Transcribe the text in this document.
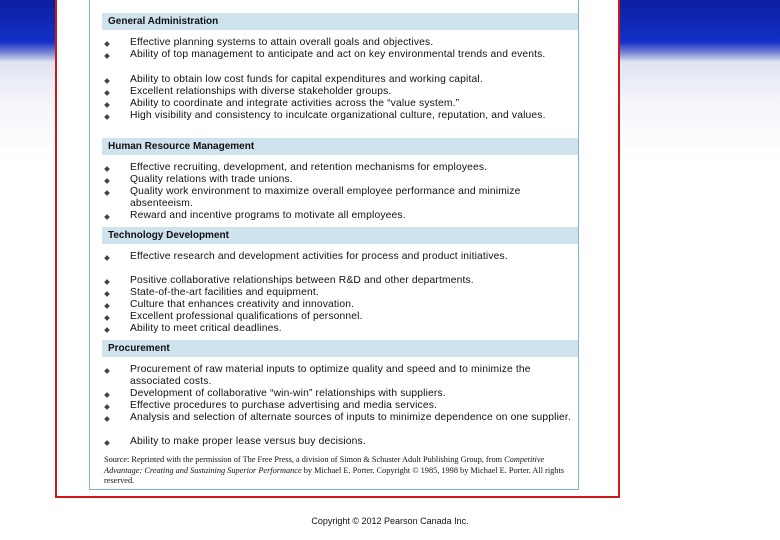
General Administration
Effective planning systems to attain overall goals and objectives.
Ability of top management to anticipate and act on key environmental trends and events.
Ability to obtain low cost funds for capital expenditures and working capital.
Excellent relationships with diverse stakeholder groups.
Ability to coordinate and integrate activities across the “value system.”
High visibility and consistency to inculcate organizational culture, reputation, and values.
Human Resource Management
Effective recruiting, development, and retention mechanisms for employees.
Quality relations with trade unions.
Quality work environment to maximize overall employee performance and minimize absenteeism.
Reward and incentive programs to motivate all employees.
Technology Development
Effective research and development activities for process and product initiatives.
Positive collaborative relationships between R&D and other departments.
State-of-the-art facilities and equipment.
Culture that enhances creativity and innovation.
Excellent professional qualifications of personnel.
Ability to meet critical deadlines.
Procurement
Procurement of raw material inputs to optimize quality and speed and to minimize the associated costs.
Development of collaborative “win-win” relationships with suppliers.
Effective procedures to purchase advertising and media services.
Analysis and selection of alternate sources of inputs to minimize dependence on one supplier.
Ability to make proper lease versus buy decisions.
Source: Reprinted with the permission of The Free Press, a division of Simon & Schuster Adult Publishing Group, from Competitive Advantage: Creating and Sustaining Superior Performance by Michael E. Porter. Copyright © 1985, 1998 by Michael E. Porter. All rights reserved.
Copyright © 2012 Pearson Canada Inc.
